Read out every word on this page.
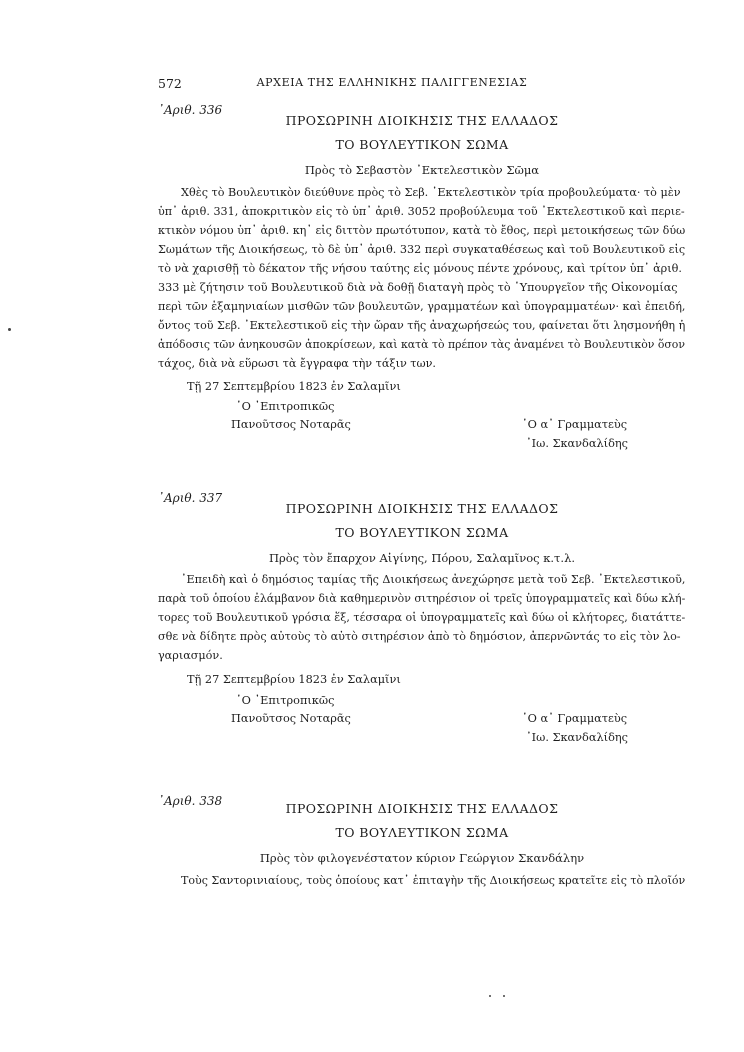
572	ΑΡΧΕΙΑ ΤΗΣ ΕΛΛΗΝΙΚΗΣ ΠΑΛΙΓΓΕΝΕΣΙΑΣ
᾽Αριθ. 336
ΠΡΟΣΩΡΙΝΗ ΔΙΟΙΚΗΣΙΣ ΤΗΣ ΕΛΛΑΔΟΣ
ΤΟ ΒΟΥΛΕΥΤΙΚΟΝ ΣΩΜΑ
Πρὸς τὸ Σεβαστὸν ᾽Εκτελεστικὸν Σῶμα
Χθὲς τὸ Βουλευτικὸν διεύθυνε πρὸς τὸ Σεβ. ᾽Εκτελεστικὸν τρία προβουλεύματα· τὸ μὲν
ὑπ᾽ ἀριθ. 331, ἀποκριτικὸν εἰς τὸ ὑπ᾽ ἀριθ. 3052 προβούλευμα τοῦ ᾽Εκτελεστικοῦ καὶ περιε-
κτικὸν νόμου ὑπ᾽ ἀριθ. κη᾽ εἰς διττὸν πρωτότυπον, κατὰ τὸ ἔθος, περὶ μετοικήσεως τῶν δύω
Σωμάτων τῆς Διοικήσεως, τὸ δὲ ὑπ᾽ ἀριθ. 332 περὶ συγκαταθέσεως καὶ τοῦ Βουλευτικοῦ εἰς
τὸ νὰ χαρισθῇ τὸ δέκατον τῆς νήσου ταύτης εἰς μόνους πέντε χρόνους, καὶ τρίτον ὑπ᾽ ἀριθ.
333 μὲ ζήτησιν τοῦ Βουλευτικοῦ διὰ νὰ δοθῇ διαταγὴ πρὸς τὸ ῾Υπουργεῖον τῆς Οἰκονομίας
περὶ τῶν ἑξαμηνιαίων μισθῶν τῶν βουλευτῶν, γραμματέων καὶ ὑπογραμματέων· καὶ ἐπειδή,
ὄντος τοῦ Σεβ. ᾽Εκτελεστικοῦ εἰς τὴν ὥραν τῆς ἀναχωρήσεώς του, φαίνεται ὅτι λησμονήθη ἡ
ἀπόδοσις τῶν ἀνηκουσῶν ἀποκρίσεων, καὶ κατὰ τὸ πρέπον τὰς ἀναμένει τὸ Βουλευτικὸν ὅσον
τάχος, διὰ νὰ εὕρωσι τὰ ἔγγραφα τὴν τάξιν των.
Τῇ 27 Σεπτεμβρίου 1823 ἐν Σαλαμῖνι
῾Ο ᾽Επιτροπικῶς
Πανοῦτσος Νοταρᾶς	῾Ο α᾽ Γραμματεὺς
᾽Ιω. Σκανδαλίδης
᾽Αριθ. 337
ΠΡΟΣΩΡΙΝΗ ΔΙΟΙΚΗΣΙΣ ΤΗΣ ΕΛΛΑΔΟΣ
ΤΟ ΒΟΥΛΕΥΤΙΚΟΝ ΣΩΜΑ
Πρὸς τὸν ἔπαρχον Αἰγίνης, Πόρου, Σαλαμῖνος κ.τ.λ.
᾽Επειδὴ καὶ ὁ δημόσιος ταμίας τῆς Διοικήσεως ἀνεχώρησε μετὰ τοῦ Σεβ. ᾽Εκτελεστικοῦ,
παρὰ τοῦ ὁποίου ἐλάμβανον διὰ καθημερινὸν σιτηρέσιον οἱ τρεῖς ὑπογραμματεῖς καὶ δύω κλή-
τορες τοῦ Βουλευτικοῦ γρόσια ἕξ, τέσσαρα οἱ ὑπογραμματεῖς καὶ δύω οἱ κλήτορες, διατάττε-
σθε νὰ δίδητε πρὸς αὐτοὺς τὸ αὐτὸ σιτηρέσιον ἀπὸ τὸ δημόσιον, ἀπερνῶντάς το εἰς τὸν λο-
γαριασμόν.
Τῇ 27 Σεπτεμβρίου 1823 ἐν Σαλαμῖνι
῾Ο ᾽Επιτροπικῶς
Πανοῦτσος Νοταρᾶς	῾Ο α᾽ Γραμματεὺς
᾽Ιω. Σκανδαλίδης
᾽Αριθ. 338	ΠΡΟΣΩΡΙΝΗ ΔΙΟΙΚΗΣΙΣ ΤΗΣ ΕΛΛΑΔΟΣ
ΤΟ ΒΟΥΛΕΥΤΙΚΟΝ ΣΩΜΑ
Πρὸς τὸν φιλογενέστατον κύριον Γεώργιον Σκανδάλην
Τοὺς Σαντορινιαίους, τοὺς ὁποίους κατ᾽ ἐπιταγὴν τῆς Διοικήσεως κρατεῖτε εἰς τὸ πλοῖόν
